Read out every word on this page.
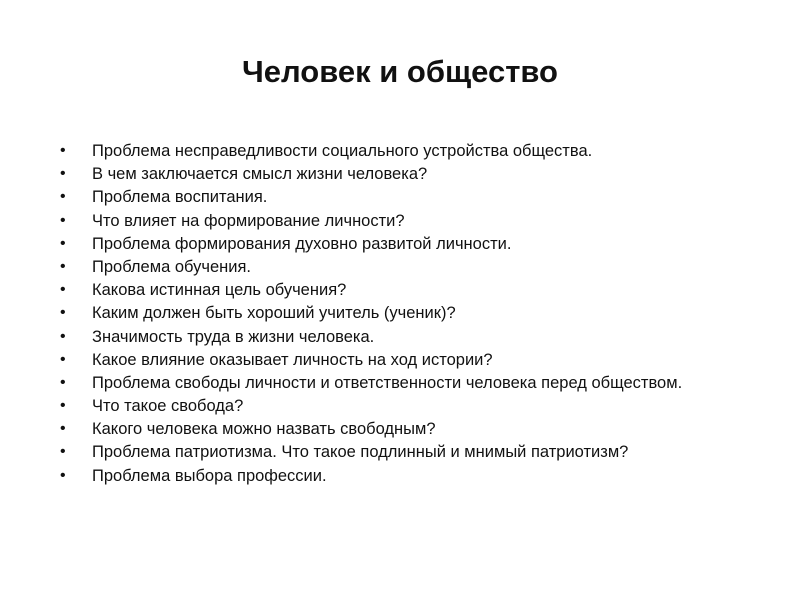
Человек и общество
• Проблема несправедливости социального устройства общества.
• В чем заключается смысл жизни человека?
• Проблема воспитания.
• Что влияет на формирование личности?
• Проблема формирования духовно развитой личности.
• Проблема обучения.
• Какова истинная цель обучения?
• Каким должен быть хороший учитель (ученик)?
• Значимость труда в жизни человека.
• Какое влияние оказывает личность на ход истории?
• Проблема свободы личности и ответственности человека перед обществом.
• Что такое свобода?
• Какого человека можно назвать свободным?
• Проблема патриотизма. Что такое подлинный и мнимый патриотизм?
• Проблема выбора профессии.
